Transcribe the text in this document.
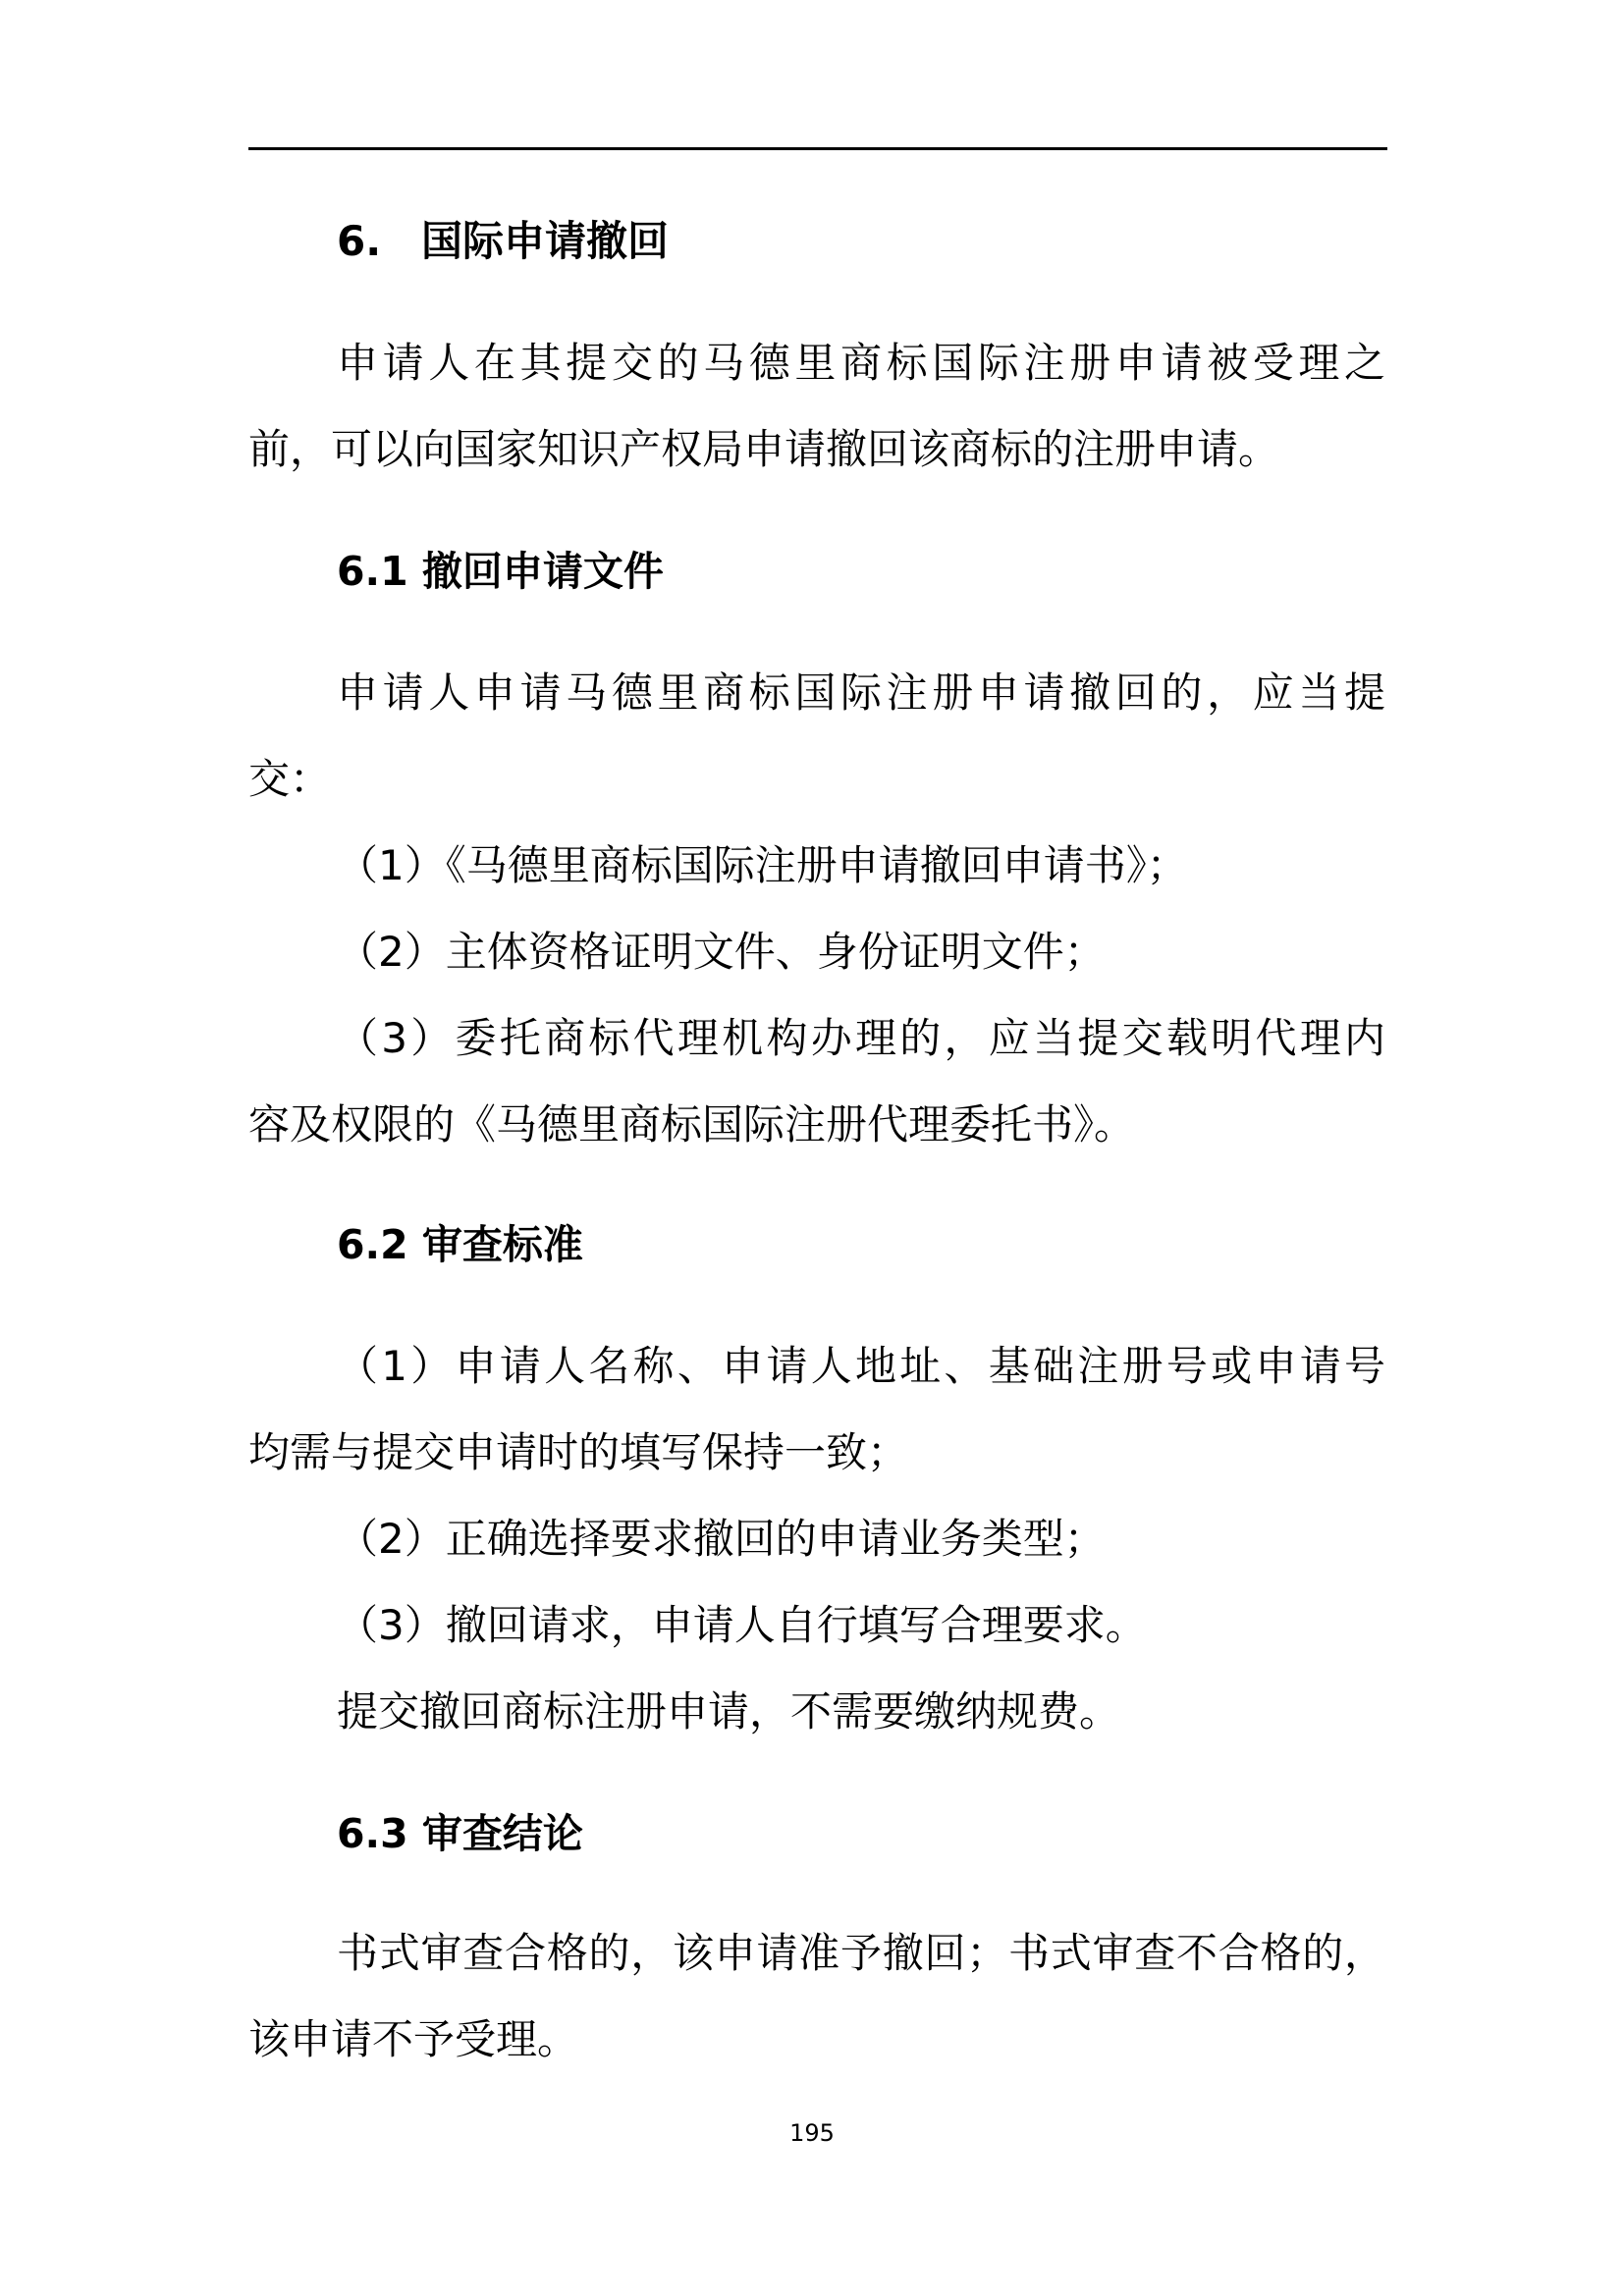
6. 国际申请撤回
申请人在其提交的马德里商标国际注册申请被受理之
前，可以向国家知识产权局申请撤回该商标的注册申请。
6.1 撤回申请文件
申请人申请马德里商标国际注册申请撤回的，应当提
交：
（1）《马德里商标国际注册申请撤回申请书》；
（2）主体资格证明文件、身份证明文件；
（3）委托商标代理机构办理的，应当提交载明代理内
容及权限的《马德里商标国际注册代理委托书》。
6.2 审查标准
（1）申请人名称、申请人地址、基础注册号或申请号
均需与提交申请时的填写保持一致；
（2）正确选择要求撤回的申请业务类型；
（3）撤回请求，申请人自行填写合理要求。
提交撤回商标注册申请，不需要缴纳规费。
6.3 审查结论
书式审查合格的，该申请准予撤回；书式审查不合格的，
该申请不予受理。
195
